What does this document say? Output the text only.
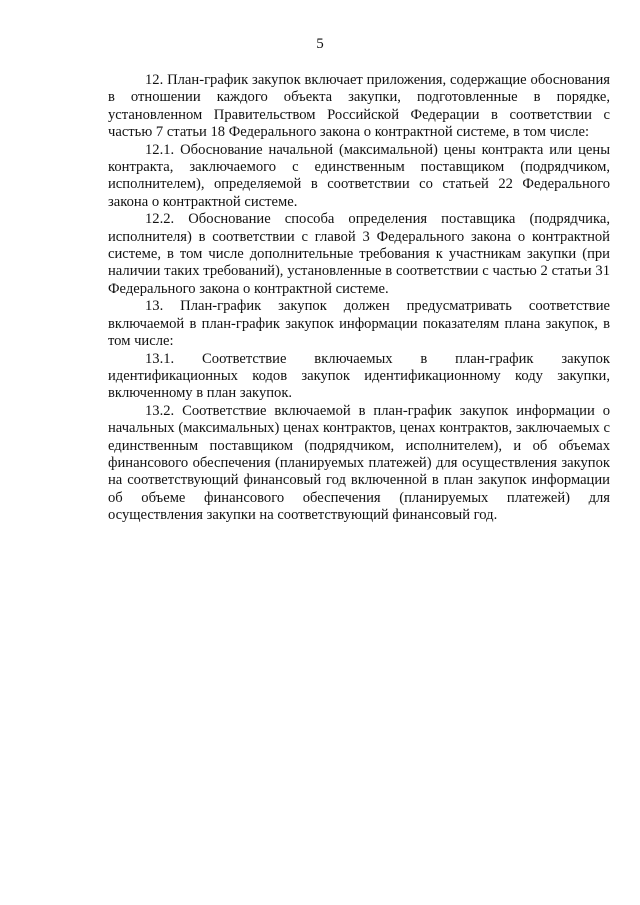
5

12. План-график закупок включает приложения, содержащие обоснования в отношении каждого объекта закупки, подготовленные в порядке, установленном Правительством Российской Федерации в соответствии с частью 7 статьи 18 Федерального закона о контрактной системе, в том числе:

12.1. Обоснование начальной (максимальной) цены контракта или цены контракта, заключаемого с единственным поставщиком (подрядчиком, исполнителем), определяемой в соответствии со статьей 22 Федерального закона о контрактной системе.

12.2. Обоснование способа определения поставщика (подрядчика, исполнителя) в соответствии с главой 3 Федерального закона о контрактной системе, в том числе дополнительные требования к участникам закупки (при наличии таких требований), установленные в соответствии с частью 2 статьи 31 Федерального закона о контрактной системе.

13. План-график закупок должен предусматривать соответствие включаемой в план-график закупок информации показателям плана закупок, в том числе:

13.1. Соответствие включаемых в план-график закупок идентификационных кодов закупок идентификационному коду закупки, включенному в план закупок.

13.2. Соответствие включаемой в план-график закупок информации о начальных (максимальных) ценах контрактов, ценах контрактов, заключаемых с единственным поставщиком (подрядчиком, исполнителем), и об объемах финансового обеспечения (планируемых платежей) для осуществления закупок на соответствующий финансовый год включенной в план закупок информации об объеме финансового обеспечения (планируемых платежей) для осуществления закупки на соответствующий финансовый год.
